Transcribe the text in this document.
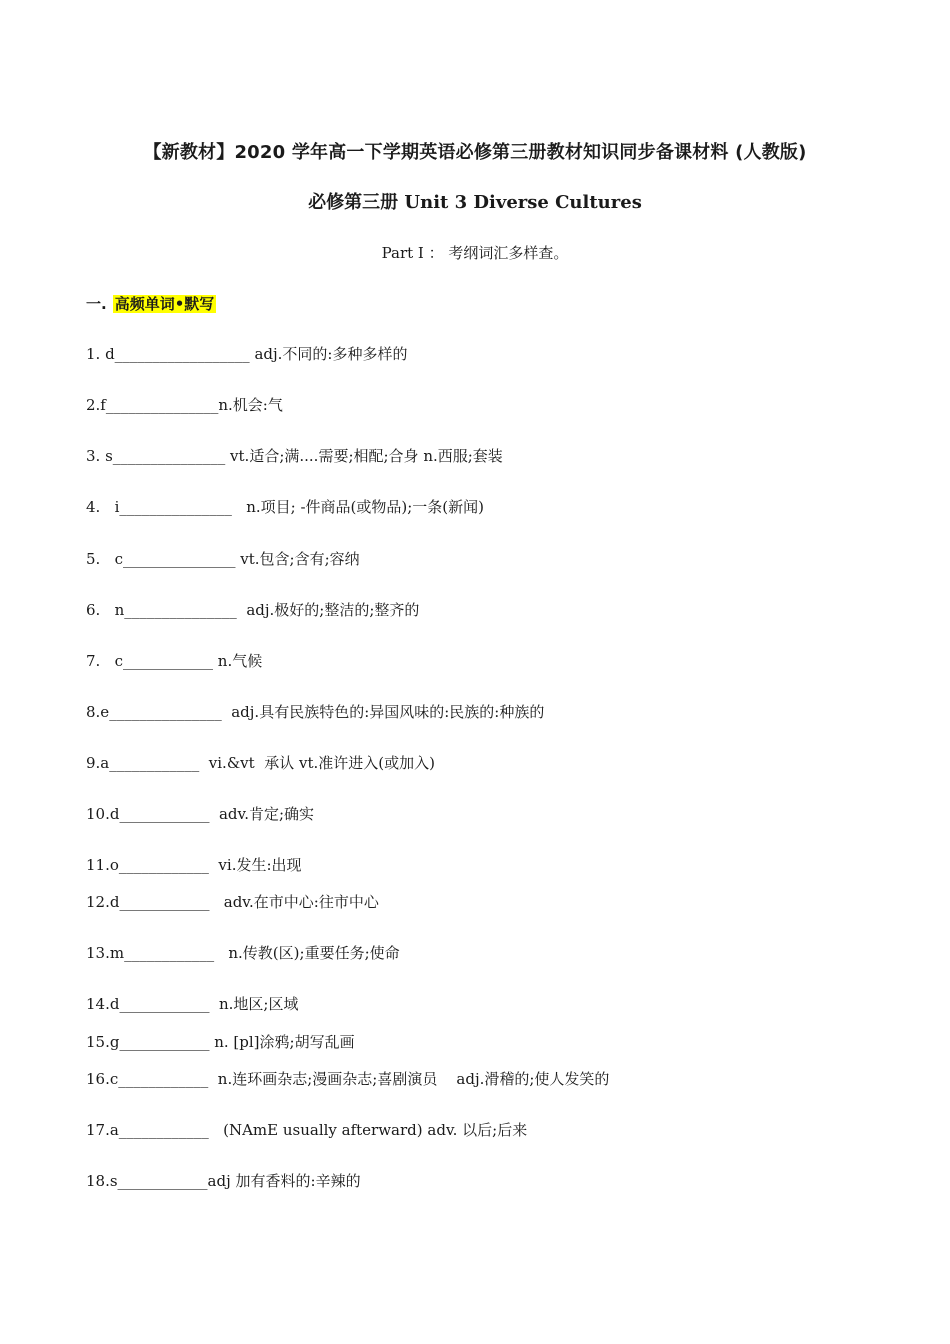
【新教材】2020 学年高一下学期英语必修第三册教材知识同步备课材料 (人教版)
必修第三册 Unit 3 Diverse Cultures
Part I ： 考纲词汇多样查。
一. 高频单词•默写
1. d__________________ adj.不同的:多种多样的
2.f_______________n.机会:气
3. s_______________ vt.适合;满....需要;相配;合身 n.西服;套装
4.   i_______________   n.项目; -件商品(或物品);一条(新闻)
5.   c_______________ vt.包含;含有;容纳
6.   n_______________  adj.极好的;整洁的;整齐的
7.   c____________ n.气候
8.e_______________  adj.具有民族特色的:异国风味的:民族的:种族的
9.a____________  vi.&vt  承认 vt.准许进入(或加入)
10.d____________  adv.肯定;确实
11.o____________  vi.发生:出现
12.d____________   adv.在市中心:往市中心
13.m____________   n.传教(区);重要任务;使命
14.d____________  n.地区;区域
15.g____________ n. [pl]涂鸦;胡写乱画
16.c____________  n.连环画杂志;漫画杂志;喜剧演员    adj.滑稽的;使人发笑的
17.a____________   (NAmE usually afterward) adv. 以后;后来
18.s____________adj 加有香料的:辛辣的
